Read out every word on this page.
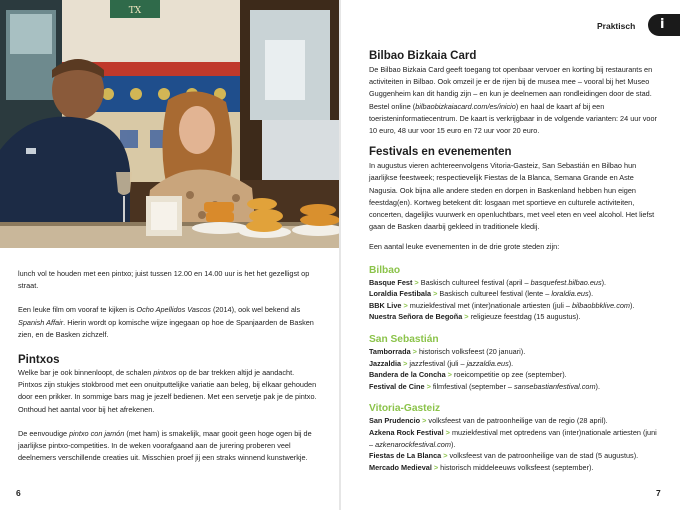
TX

lunch vol te houden met een pintxo; juist tussen 12.00 en 14.00 uur is het het gezelligst op straat.

Een leuke film om vooraf te kijken is Ocho Apellidos Vascos (2014), ook wel bekend als Spanish Affair. Hierin wordt op komische wijze ingegaan op hoe de Spanjaarden de Basken zien, en de Basken zichzelf.

Pintxos

Welke bar je ook binnenloopt, de schalen pintxos op de bar trekken altijd je aandacht. Pintxos zijn stukjes stokbrood met een onuitputtelijke variatie aan beleg, bij elkaar gehouden door een prikker. In sommige bars mag je jezelf bedienen. Met een servetje pak je de pintxo. Onthoud het aantal voor bij het afrekenen.

De eenvoudige pintxo con jamón (met ham) is smakelijk, maar gooit geen hoge ogen bij de jaarlijkse pintxo-competities. In de weken voorafgaand aan de jurering proberen veel deelnemers verschillende creaties uit. Misschien proef jij een straks winnend kunstwerkje.

6
Praktisch i
Bilbao Bizkaia Card

De Bilbao Bizkaia Card geeft toegang tot openbaar vervoer en korting bij restaurants en activiteiten in Bilbao. Ook omzeil je er de rijen bij de musea mee – vooral bij het Museo Guggenheim kan dit handig zijn – en kun je deelnemen aan rondleidingen door de stad. Bestel online (bilbaobizkaiacard.com/es/inicio) en haal de kaart af bij een toeristeninformatiecentrum. De kaart is verkrijgbaar in de volgende varianten: 24 uur voor 10 euro, 48 uur voor 15 euro en 72 uur voor 20 euro.

Festivals en evenementen

In augustus vieren achtereenvolgens Vitoria-Gasteiz, San Sebastián en Bilbao hun jaarlijkse feestweek; respectievelijk Fiestas de la Blanca, Semana Grande en Aste Nagusia. Ook bijna alle andere steden en dorpen in Baskenland hebben hun eigen feestdag(en). Kortweg betekent dit: losgaan met sportieve en culturele activiteiten, concerten, dagelijks vuurwerk en openluchtbars, met veel eten en veel alcohol. Het liefst gaan de Basken daarbij gekleed in traditionele kledij.

Een aantal leuke evenementen in de drie grote steden zijn:

Bilbao
Basque Fest > Baskisch cultureel festival (april – basquefest.bilbao.eus).
Loraldia Festibala > Baskisch cultureel festival (lente – loraldia.eus).
BBK Live > muziekfestival met (inter)nationale artiesten (juli – bilbaobbklive.com).
Nuestra Señora de Begoña > religieuze feestdag (15 augustus).
San Sebastián
Tamborrada > historisch volksfeest (20 januari).
Jazzaldia > jazzfestival (juli – jazzaldia.eus).
Bandera de la Concha > roeicompetitie op zee (september).
Festival de Cine > filmfestival (september – sansebastianfestival.com).
Vitoria-Gasteiz
San Prudencio > volksfeest van de patroonheilige van de regio (28 april).
Azkena Rock Festival > muziekfestival met optredens van (inter)nationale artiesten (juni – azkenarockfestival.com).
Fiestas de La Blanca > volksfeest van de patroonheilige van de stad (5 augustus).
Mercado Medieval > historisch middeleeuws volksfeest (september).
7
